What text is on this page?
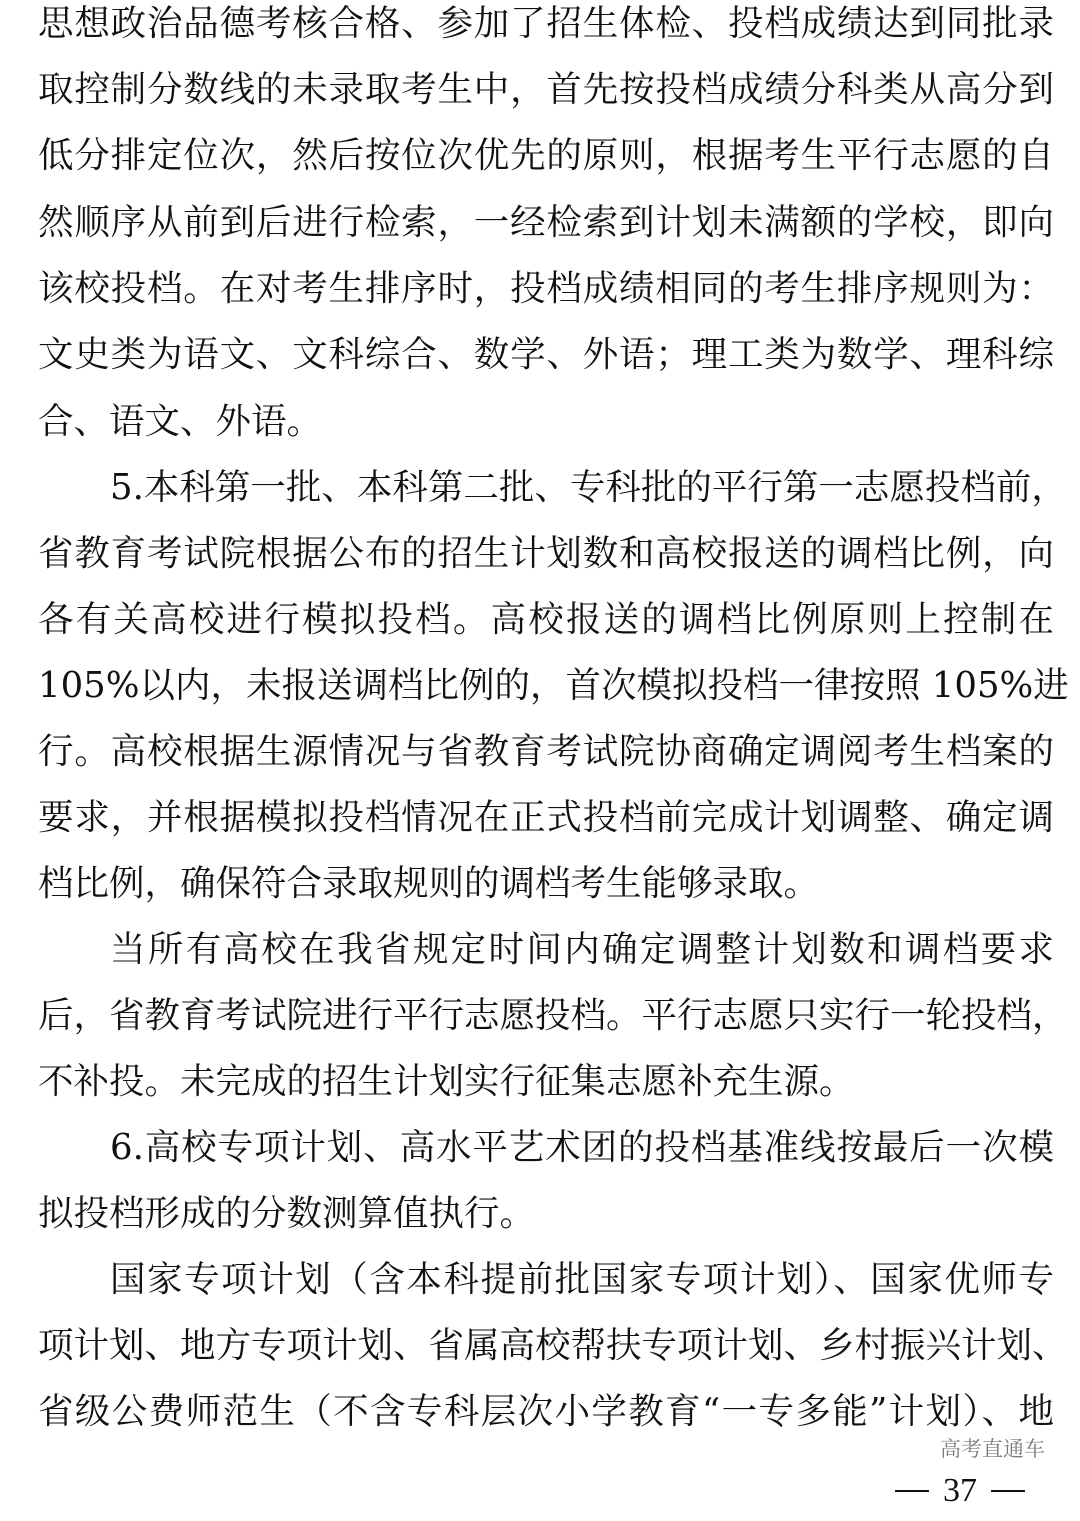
思想政治品德考核合格、参加了招生体检、投档成绩达到同批录
取控制分数线的未录取考生中，首先按投档成绩分科类从高分到
低分排定位次，然后按位次优先的原则，根据考生平行志愿的自
然顺序从前到后进行检索，一经检索到计划未满额的学校，即向
该校投档。在对考生排序时，投档成绩相同的考生排序规则为：
文史类为语文、文科综合、数学、外语；理工类为数学、理科综
合、语文、外语。
5.本科第一批、本科第二批、专科批的平行第一志愿投档前，
省教育考试院根据公布的招生计划数和高校报送的调档比例，向
各有关高校进行模拟投档。高校报送的调档比例原则上控制在
105%以内，未报送调档比例的，首次模拟投档一律按照 105%进
行。高校根据生源情况与省教育考试院协商确定调阅考生档案的
要求，并根据模拟投档情况在正式投档前完成计划调整、确定调
档比例，确保符合录取规则的调档考生能够录取。
当所有高校在我省规定时间内确定调整计划数和调档要求
后，省教育考试院进行平行志愿投档。平行志愿只实行一轮投档，
不补投。未完成的招生计划实行征集志愿补充生源。
6.高校专项计划、高水平艺术团的投档基准线按最后一次模
拟投档形成的分数测算值执行。
国家专项计划（含本科提前批国家专项计划）、国家优师专
项计划、地方专项计划、省属高校帮扶专项计划、乡村振兴计划、
省级公费师范生（不含专科层次小学教育“一专多能”计划）、地
高考直通车
37
